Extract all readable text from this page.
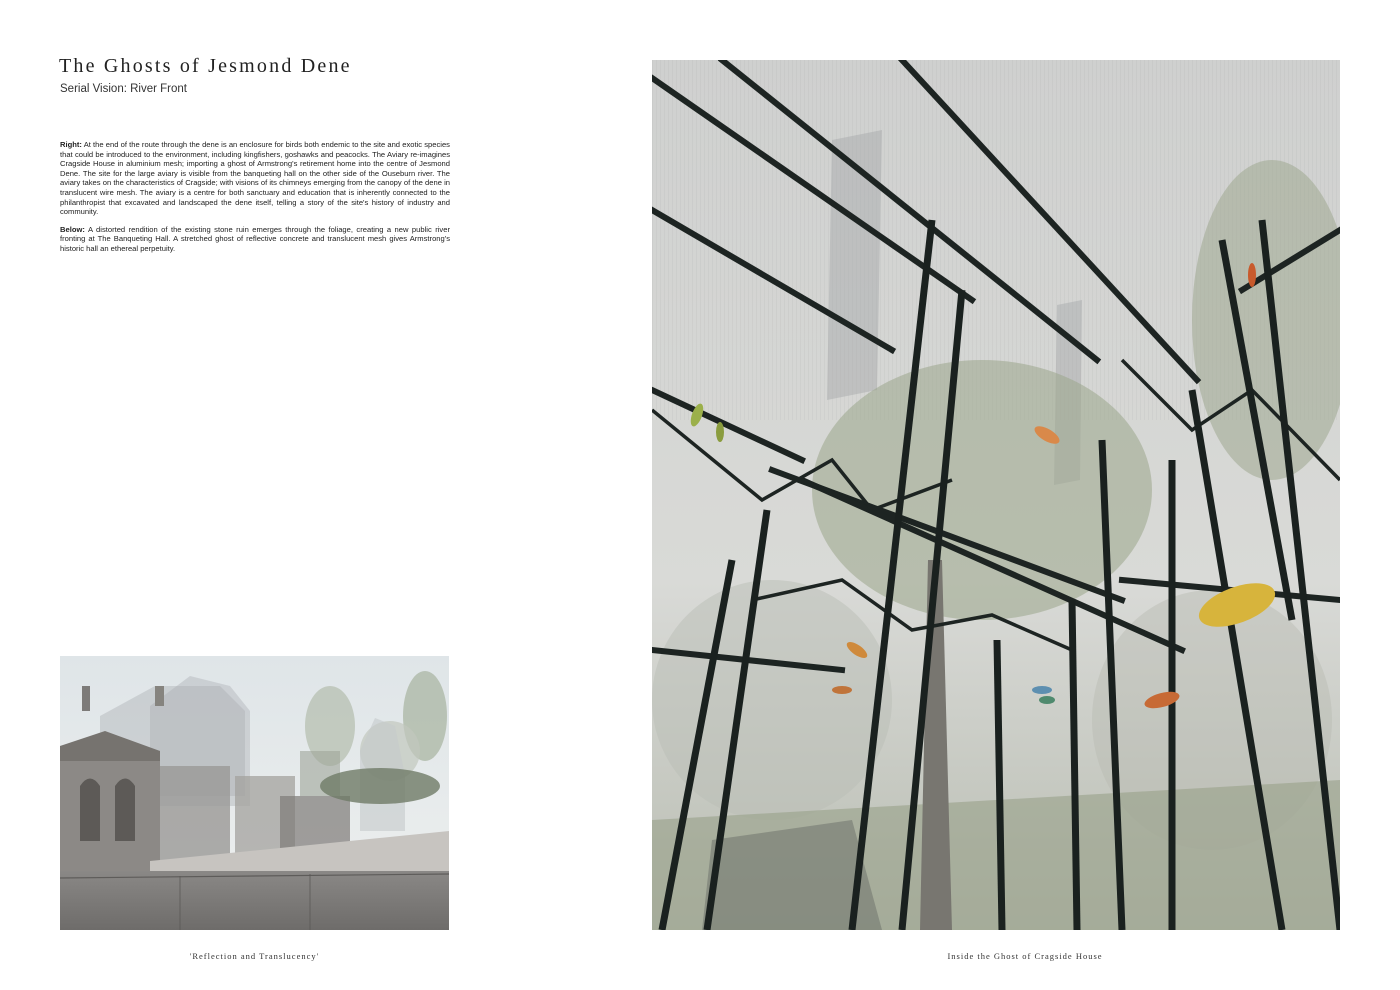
The Ghosts of Jesmond Dene
Serial Vision: River Front

Right: At the end of the route through the dene is an enclosure for birds both endemic to the site and exotic species that could be introduced to the environment, including kingfishers, goshawks and peacocks. The Aviary re-imagines Cragside House in aluminium mesh; importing a ghost of Armstrong's retirement home into the centre of Jesmond Dene. The site for the large aviary is visible from the banqueting hall on the other side of the Ouseburn river. The aviary takes on the characteristics of Cragside; with visions of its chimneys emerging from the canopy of the dene in translucent wire mesh. The aviary is a centre for both sanctuary and education that is inherently connected to the philanthropist that excavated and landscaped the dene itself, telling a story of the site's history of industry and community.

Below: A distorted rendition of the existing stone ruin emerges through the foliage, creating a new public river fronting at The Banqueting Hall. A stretched ghost of reflective concrete and translucent mesh gives Armstrong's historic hall an ethereal perpetuity.

'Reflection and Translucency'	Inside the Ghost of Cragside House
